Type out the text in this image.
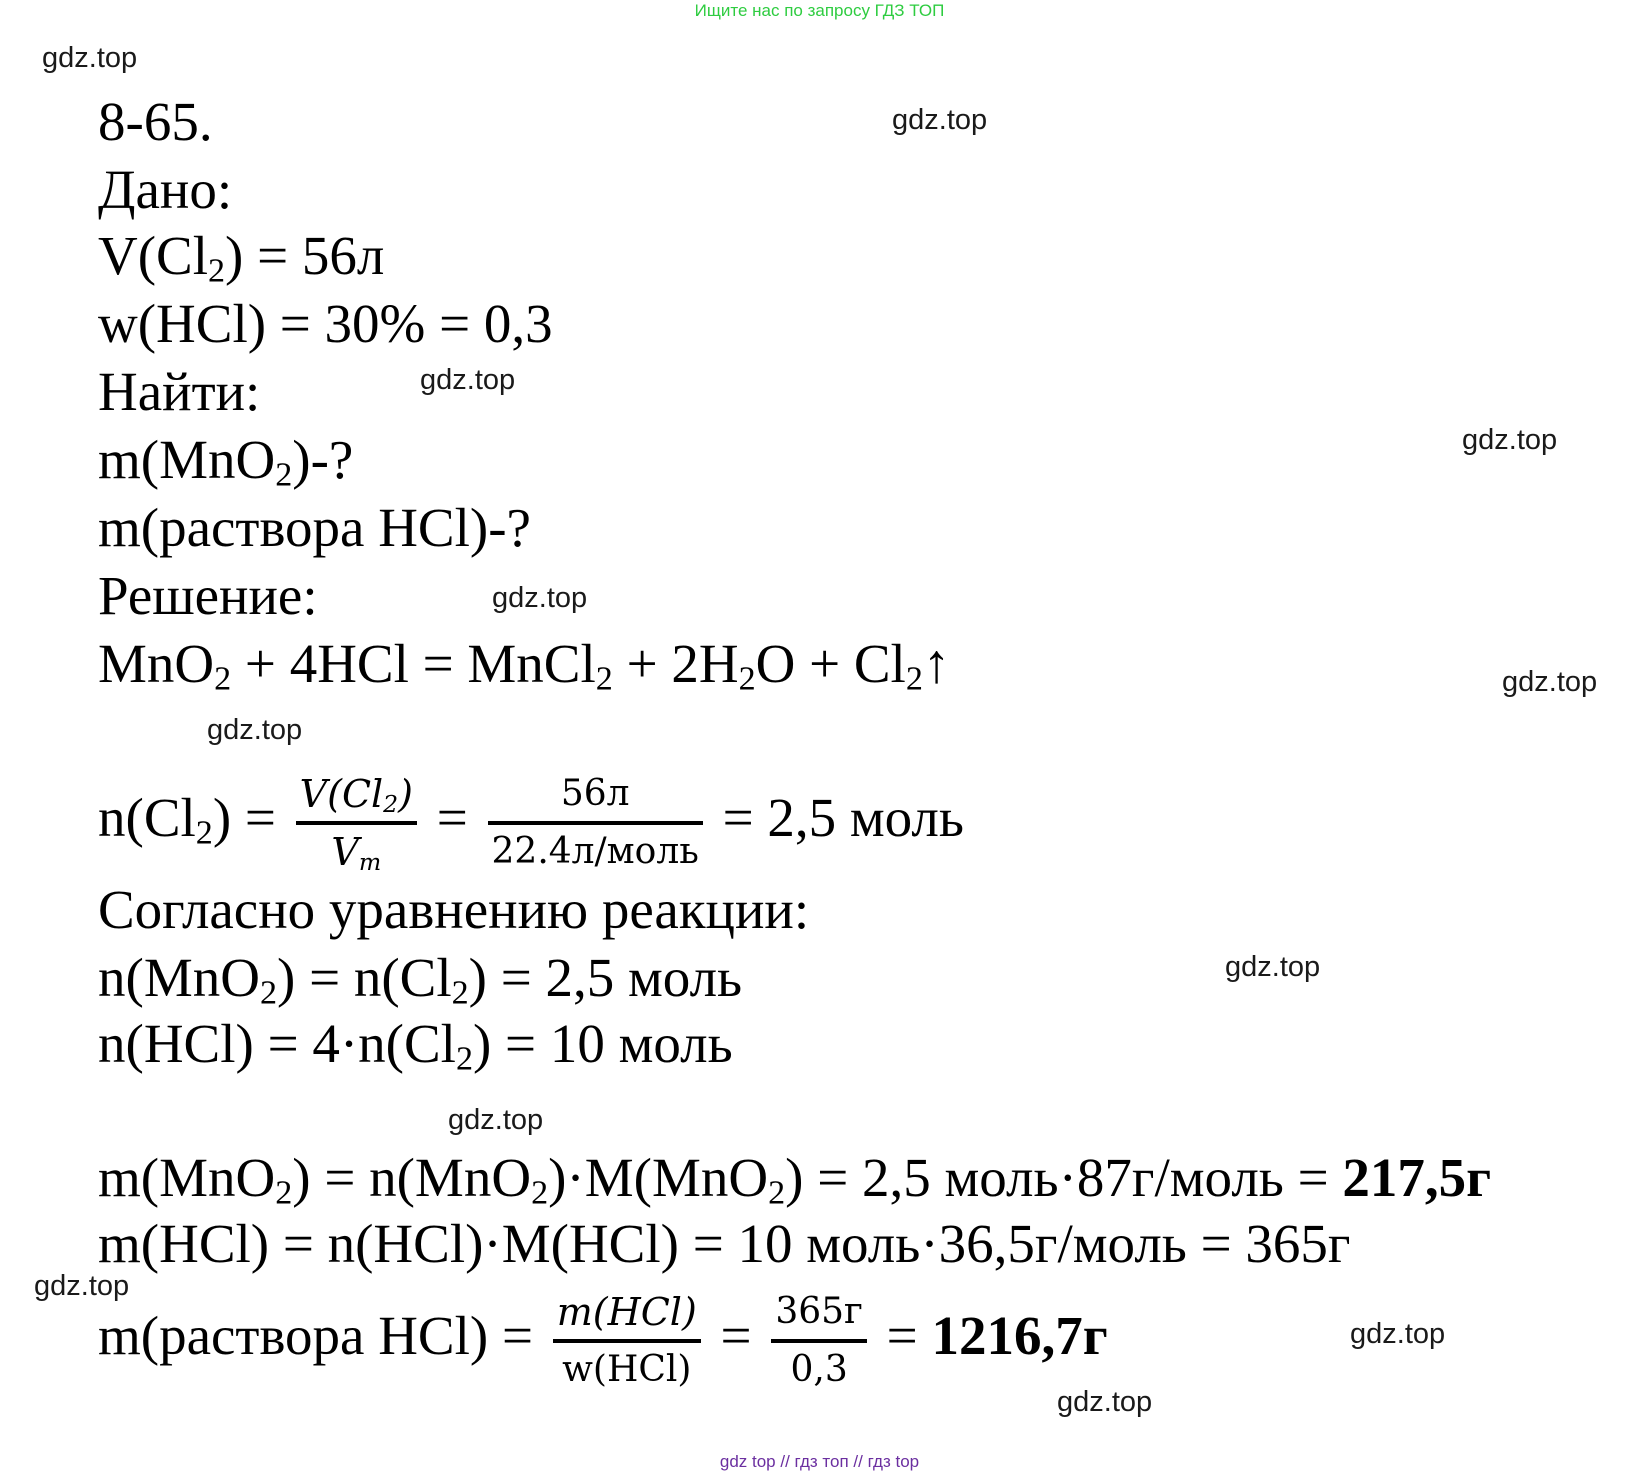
Ищите нас по запросу ГДЗ ТОП
gdz.top
gdz.top
gdz.top
gdz.top
gdz.top
gdz.top
gdz.top
gdz.top
gdz.top
gdz.top
gdz.top
gdz.top
8-65.
Дано:
$V(Cl_2) = 56л$
w(HCl) = 30% = 0,3
Найти:
m(MnO$_2$)-?
m(раствора HCl)-?
Решение:
MnO$_2$ + 4HCl = MnCl$_2$ + $2H_2O$ + $Cl_2↑$
$n(Cl_2) = \frac{V(Cl_2)}{V_m} = \frac{56л}{\text{22.4л/моль}} = 2,5$ моль
Согласно уравнению реакции:
$n(MnO_2) = n(Cl_2) = 2,5$ моль
$n(HCl) = 4\cdot n(Cl_2) = 10$ моль
m(MnO$_2$) = n(MnO$_2$)·M(MnO$_2$) = 2,5 моль·87г/моль = 217,5г
m(HCl) = n(HCl)·M(HCl) = 10 моль·36,5г/моль = 365г
m(раствора $HCl) = \frac{\text{m(HCl)}}{\text{w(HCl)}} = \frac{365г}{0,3} = 1216,7г$
gdz top // гдз топ // гдз top
